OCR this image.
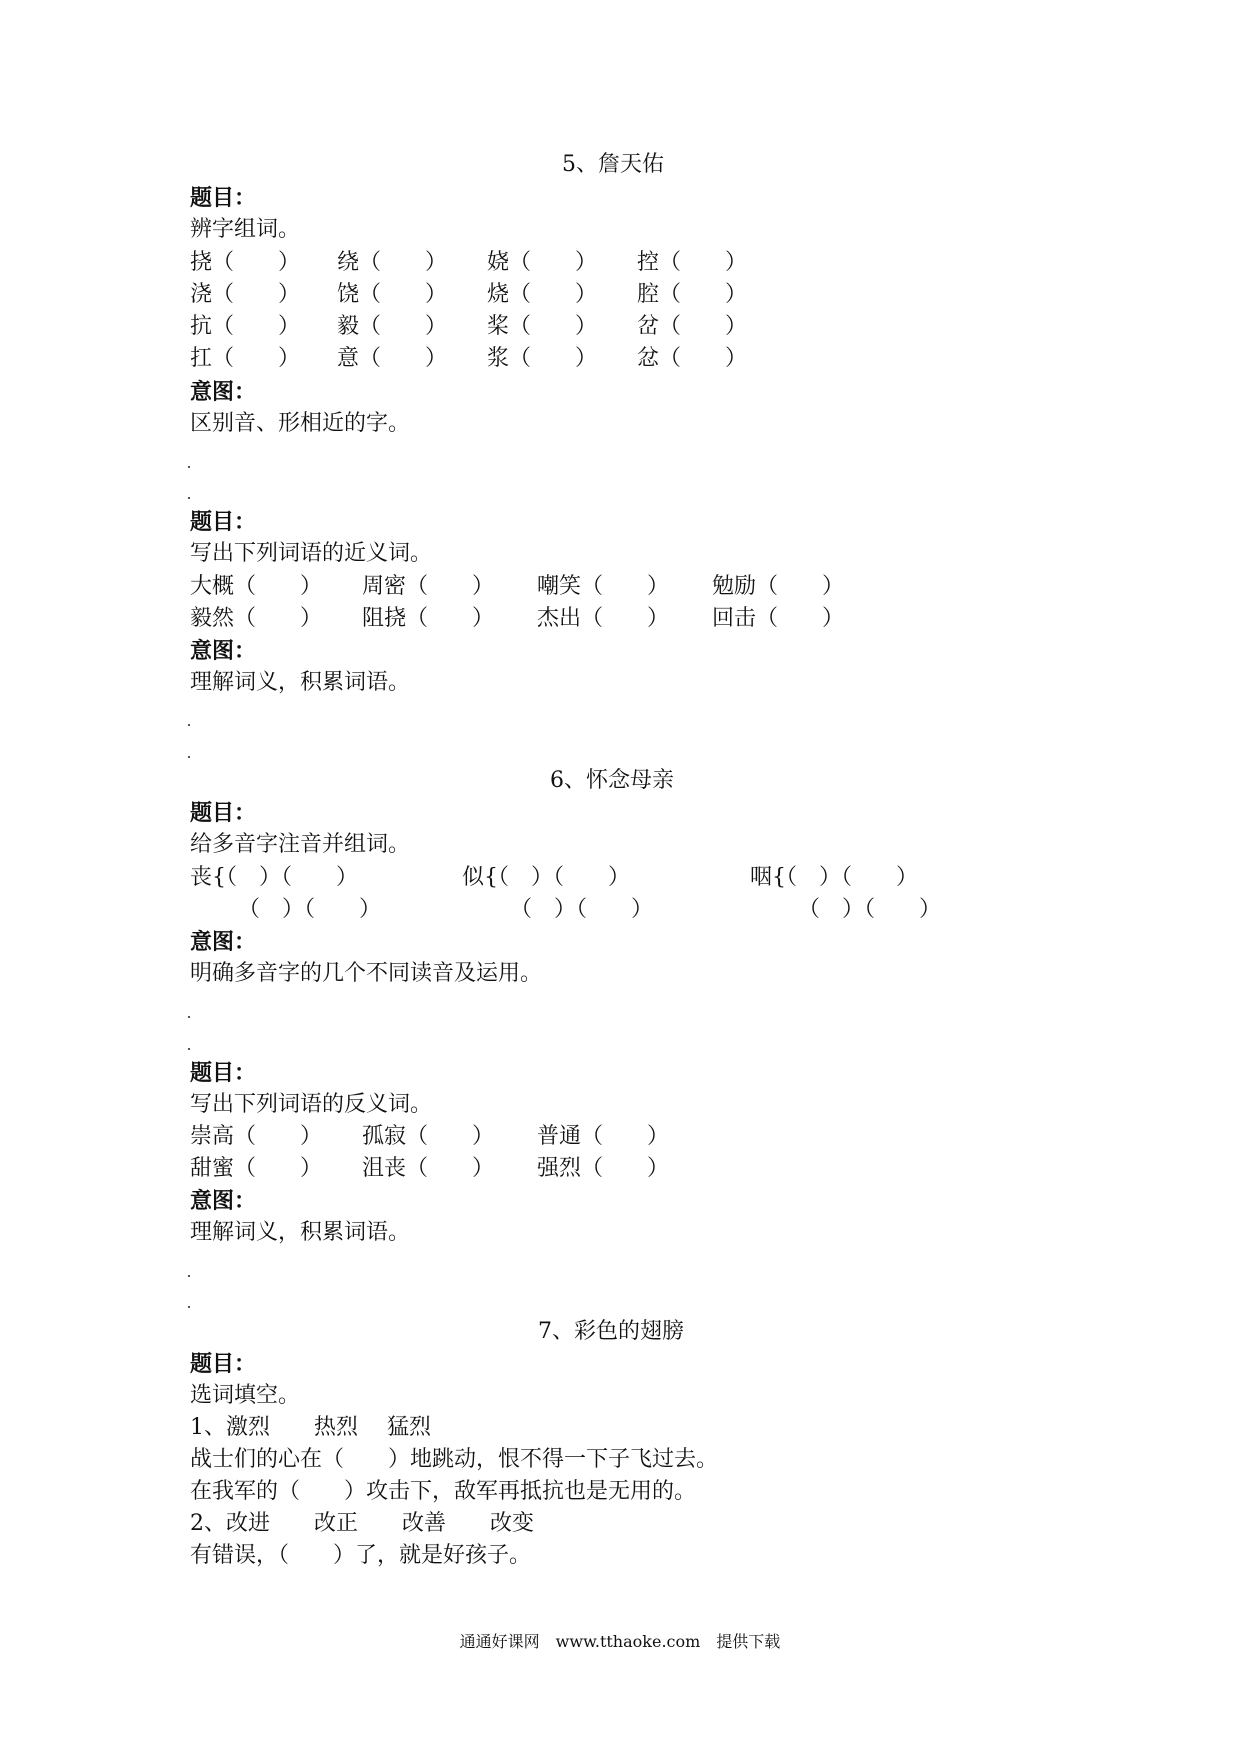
5、詹天佑
题目：
辨字组词。
挠（　　） 绕（　　） 娆（　　） 控（　　）
浇（　　） 饶（　　） 烧（　　） 腔（　　）
抗（　　） 毅（　　） 桨（　　） 岔（　　）
扛（　　） 意（　　） 浆（　　） 忿（　　）
意图：
区别音、形相近的字。
题目：
写出下列词语的近义词。
大概（　　） 周密（　　） 嘲笑（　　） 勉励（　　）
毅然（　　） 阻挠（　　） 杰出（　　） 回击（　　）
意图：
理解词义，积累词语。
6、怀念母亲
题目：
给多音字注音并组词。
丧{（　）（　　）	似{（　）（　　）	咽{（　）（　　）
（　）（　　）	（　）（　　）	（　）（　　）
意图：
明确多音字的几个不同读音及运用。
题目：
写出下列词语的反义词。
崇高（　　） 孤寂（　　） 普通（　　）
甜蜜（　　） 沮丧（　　） 强烈（　　）
意图：
理解词义，积累词语。
7、彩色的翅膀
题目：
选词填空。
1、激烈　　热烈　 猛烈
战士们的心在（　　）地跳动，恨不得一下子飞过去。
在我军的（　　）攻击下，敌军再抵抗也是无用的。
2、改进　　改正　　改善　　改变
有错误，（　　）了，就是好孩子。
通通好课网　www.tthaoke.com　提供下载
